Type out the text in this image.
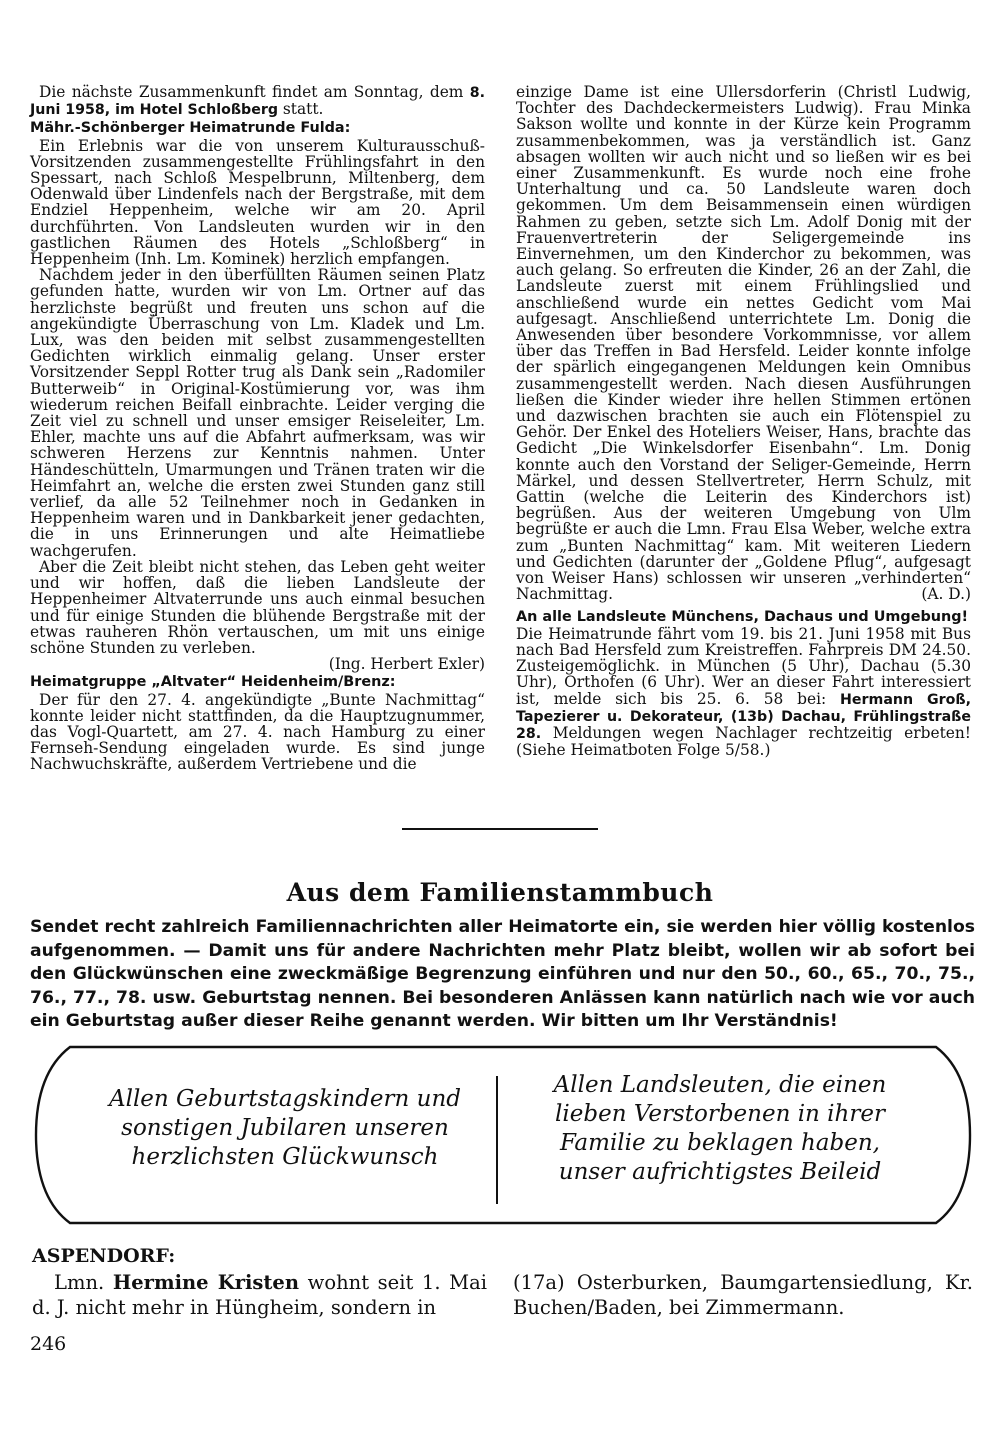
Die nächste Zusammenkunft findet am Sonntag, dem 8. Juni 1958, im Hotel Schloßberg statt.

Mähr.-Schönberger Heimatrunde Fulda:

Ein Erlebnis war die von unserem Kulturausschuß-Vorsitzenden zusammengestellte Frühlingsfahrt in den Spessart, nach Schloß Mespelbrunn, Miltenberg, dem Odenwald über Lindenfels nach der Bergstraße, mit dem Endziel Heppenheim, welche wir am 20. April durchführten. Von Landsleuten wurden wir in den gastlichen Räumen des Hotels „Schloßberg“ in Heppenheim (Inh. Lm. Kominek) herzlich empfangen.

Nachdem jeder in den überfüllten Räumen seinen Platz gefunden hatte, wurden wir von Lm. Ortner auf das herzlichste begrüßt und freuten uns schon auf die angekündigte Überraschung von Lm. Kladek und Lm. Lux, was den beiden mit selbst zusammengestellten Gedichten wirklich einmalig gelang. Unser erster Vorsitzender Seppl Rotter trug als Dank sein „Radomiler Butterweib“ in Original-Kostümierung vor, was ihm wiederum reichen Beifall einbrachte. Leider verging die Zeit viel zu schnell und unser emsiger Reiseleiter, Lm. Ehler, machte uns auf die Abfahrt aufmerksam, was wir schweren Herzens zur Kenntnis nahmen. Unter Händeschütteln, Umarmungen und Tränen traten wir die Heimfahrt an, welche die ersten zwei Stunden ganz still verlief, da alle 52 Teilnehmer noch in Gedanken in Heppenheim waren und in Dankbarkeit jener gedachten, die in uns Erinnerungen und alte Heimatliebe wachgerufen.

Aber die Zeit bleibt nicht stehen, das Leben geht weiter und wir hoffen, daß die lieben Landsleute der Heppenheimer Altvaterrunde uns auch einmal besuchen und für einige Stunden die blühende Bergstraße mit der etwas rauheren Rhön vertauschen, um mit uns einige schöne Stunden zu verleben.

(Ing. Herbert Exler)

Heimatgruppe „Altvater“ Heidenheim/Brenz:

Der für den 27. 4. angekündigte „Bunte Nachmittag“ konnte leider nicht stattfinden, da die Hauptzugnummer, das Vogl-Quartett, am 27. 4. nach Hamburg zu einer Fernseh-Sendung eingeladen wurde. Es sind junge Nachwuchskräfte, außerdem Vertriebene und die

einzige Dame ist eine Ullersdorferin (Christl Ludwig, Tochter des Dachdeckermeisters Ludwig). Frau Minka Sakson wollte und konnte in der Kürze kein Programm zusammenbekommen, was ja verständlich ist. Ganz absagen wollten wir auch nicht und so ließen wir es bei einer Zusammenkunft. Es wurde noch eine frohe Unterhaltung und ca. 50 Landsleute waren doch gekommen. Um dem Beisammensein einen würdigen Rahmen zu geben, setzte sich Lm. Adolf Donig mit der Frauenvertreterin der Seligergemeinde ins Einvernehmen, um den Kinderchor zu bekommen, was auch gelang. So erfreuten die Kinder, 26 an der Zahl, die Landsleute zuerst mit einem Frühlingslied und anschließend wurde ein nettes Gedicht vom Mai aufgesagt. Anschließend unterrichtete Lm. Donig die Anwesenden über besondere Vorkommnisse, vor allem über das Treffen in Bad Hersfeld. Leider konnte infolge der spärlich eingegangenen Meldungen kein Omnibus zusammengestellt werden. Nach diesen Ausführungen ließen die Kinder wieder ihre hellen Stimmen ertönen und dazwischen brachten sie auch ein Flötenspiel zu Gehör. Der Enkel des Hoteliers Weiser, Hans, brachte das Gedicht „Die Winkelsdorfer Eisenbahn“. Lm. Donig konnte auch den Vorstand der Seliger-Gemeinde, Herrn Märkel, und dessen Stellvertreter, Herrn Schulz, mit Gattin (welche die Leiterin des Kinderchors ist) begrüßen. Aus der weiteren Umgebung von Ulm begrüßte er auch die Lmn. Frau Elsa Weber, welche extra zum „Bunten Nachmittag“ kam. Mit weiteren Liedern und Gedichten (darunter der „Goldene Pflug“, aufgesagt von Weiser Hans) schlossen wir unseren „verhinderten“ Nachmittag.	(A. D.)

An alle Landsleute Münchens, Dachaus und Umgebung!

Die Heimatrunde fährt vom 19. bis 21. Juni 1958 mit Bus nach Bad Hersfeld zum Kreistreffen. Fahrpreis DM 24.50. Zusteigemöglichk. in München (5 Uhr), Dachau (5.30 Uhr), Orthofen (6 Uhr). Wer an dieser Fahrt interessiert ist, melde sich bis 25. 6. 58 bei: Hermann Groß, Tapezierer u. Dekorateur, (13b) Dachau, Frühlingstraße 28. Meldungen wegen Nachlager rechtzeitig erbeten! (Siehe Heimatboten Folge 5/58.)

Aus dem Familienstammbuch
Sendet recht zahlreich Familiennachrichten aller Heimatorte ein, sie werden hier völlig kostenlos aufgenommen. — Damit uns für andere Nachrichten mehr Platz bleibt, wollen wir ab sofort bei den Glückwünschen eine zweckmäßige Begrenzung einführen und nur den 50., 60., 65., 70., 75., 76., 77., 78. usw. Geburtstag nennen. Bei besonderen Anlässen kann natürlich nach wie vor auch ein Geburtstag außer dieser Reihe genannt werden. Wir bitten um Ihr Verständnis!
Allen Geburtstagskindern und sonstigen Jubilaren unseren herzlichsten Glückwunsch
Allen Landsleuten, die einen lieben Verstorbenen in ihrer Familie zu beklagen haben, unser aufrichtigstes Beileid
ASPENDORF:
Lmn. Hermine Kristen wohnt seit 1. Mai d. J. nicht mehr in Hüngheim, sondern in
(17a) Osterburken, Baumgartensiedlung, Kr. Buchen/Baden, bei Zimmermann.
246
